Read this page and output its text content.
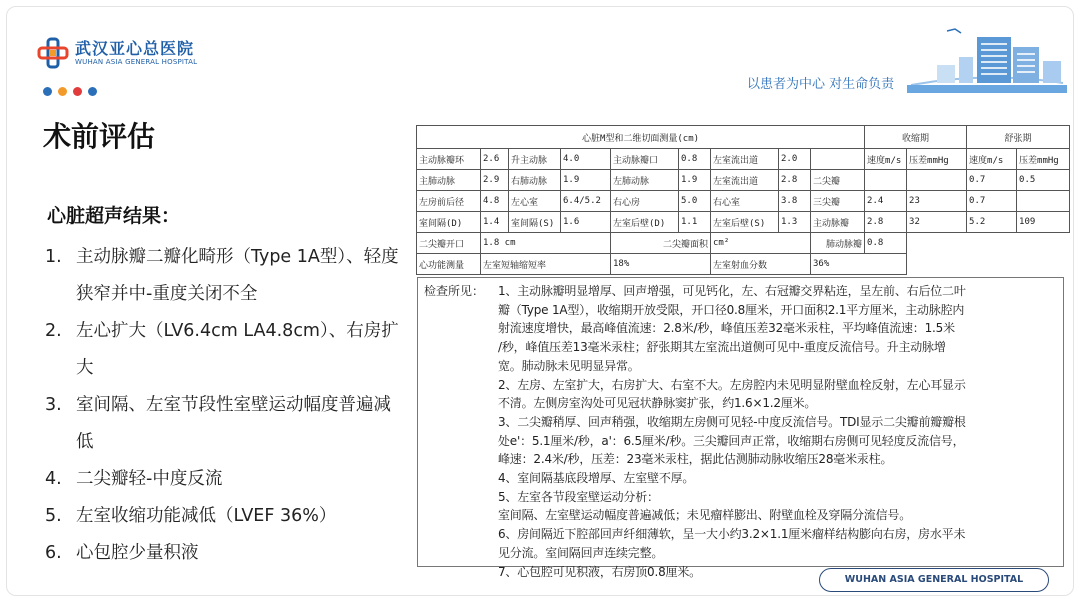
武汉亚心总医院
WUHAN ASIA GENERAL HOSPITAL
以患者为中心 对生命负责
术前评估
心脏超声结果：
1. 主动脉瓣二瓣化畸形（Type 1A型）、轻度狭窄并中-重度关闭不全
2. 左心扩大（LV6.4cm LA4.8cm）、右房扩大
3. 室间隔、左室节段性室壁运动幅度普遍减低
4. 二尖瓣轻-中度反流
5. 左室收缩功能减低（LVEF 36%）
6. 心包腔少量积液
心脏M型和二维切面测量(cm)									收缩期		舒张期	
主动脉瓣环	2.6	升主动脉	4.0	主动脉瓣口	0.8	左室流出道	2.0		速度m/s	压差mmHg	速度m/s	压差mmHg
主肺动脉	2.9	右肺动脉	1.9	左肺动脉	1.9	左室流出道	2.8	二尖瓣			0.7	0.5
左房前后径	4.8	左心室	6.4/5.2	右心房	5.0	右心室	3.8	三尖瓣	2.4	23	0.7	
室间隔(D)	1.4	室间隔(S)	1.6	左室后壁(D)	1.1	左室后壁(S)	1.3	主动脉瓣	2.8	32	5.2	109
二尖瓣开口	1.8 cm			二尖瓣面积		cm²		肺动脉瓣	0.8			
心功能测量	左室短轴缩短率			18%		左室射血分数		36%				
检查所见： 1、主动脉瓣明显增厚、回声增强，可见钙化，左、右冠瓣交界粘连，呈左前、右后位二叶
瓣（Type 1A型），收缩期开放受限，开口径0.8厘米，开口面积2.1平方厘米，主动脉腔内
射流速度增快，最高峰值流速：2.8米/秒，峰值压差32毫米汞柱，平均峰值流速：1.5米
/秒，峰值压差13毫米汞柱；舒张期其左室流出道侧可见中-重度反流信号。升主动脉增
宽。肺动脉未见明显异常。
2、左房、左室扩大，右房扩大、右室不大。左房腔内未见明显附壁血栓反射，左心耳显示
不清。左侧房室沟处可见冠状静脉窦扩张，约1.6×1.2厘米。
3、二尖瓣稍厚、回声稍强，收缩期左房侧可见轻-中度反流信号。TDI显示二尖瓣前瓣瓣根
处e'：5.1厘米/秒，a'：6.5厘米/秒。三尖瓣回声正常，收缩期右房侧可见轻度反流信号，
峰速：2.4米/秒，压差：23毫米汞柱，据此估测肺动脉收缩压28毫米汞柱。
4、室间隔基底段增厚、左室壁不厚。
5、左室各节段室壁运动分析：
室间隔、左室壁运动幅度普遍减低；未见瘤样膨出、附壁血栓及穿隔分流信号。
6、房间隔近下腔部回声纤细薄软，呈一大小约3.2×1.1厘米瘤样结构膨向右房，房水平未
见分流。室间隔回声连续完整。
7、心包腔可见积液，右房顶0.8厘米。
WUHAN ASIA GENERAL HOSPITAL
